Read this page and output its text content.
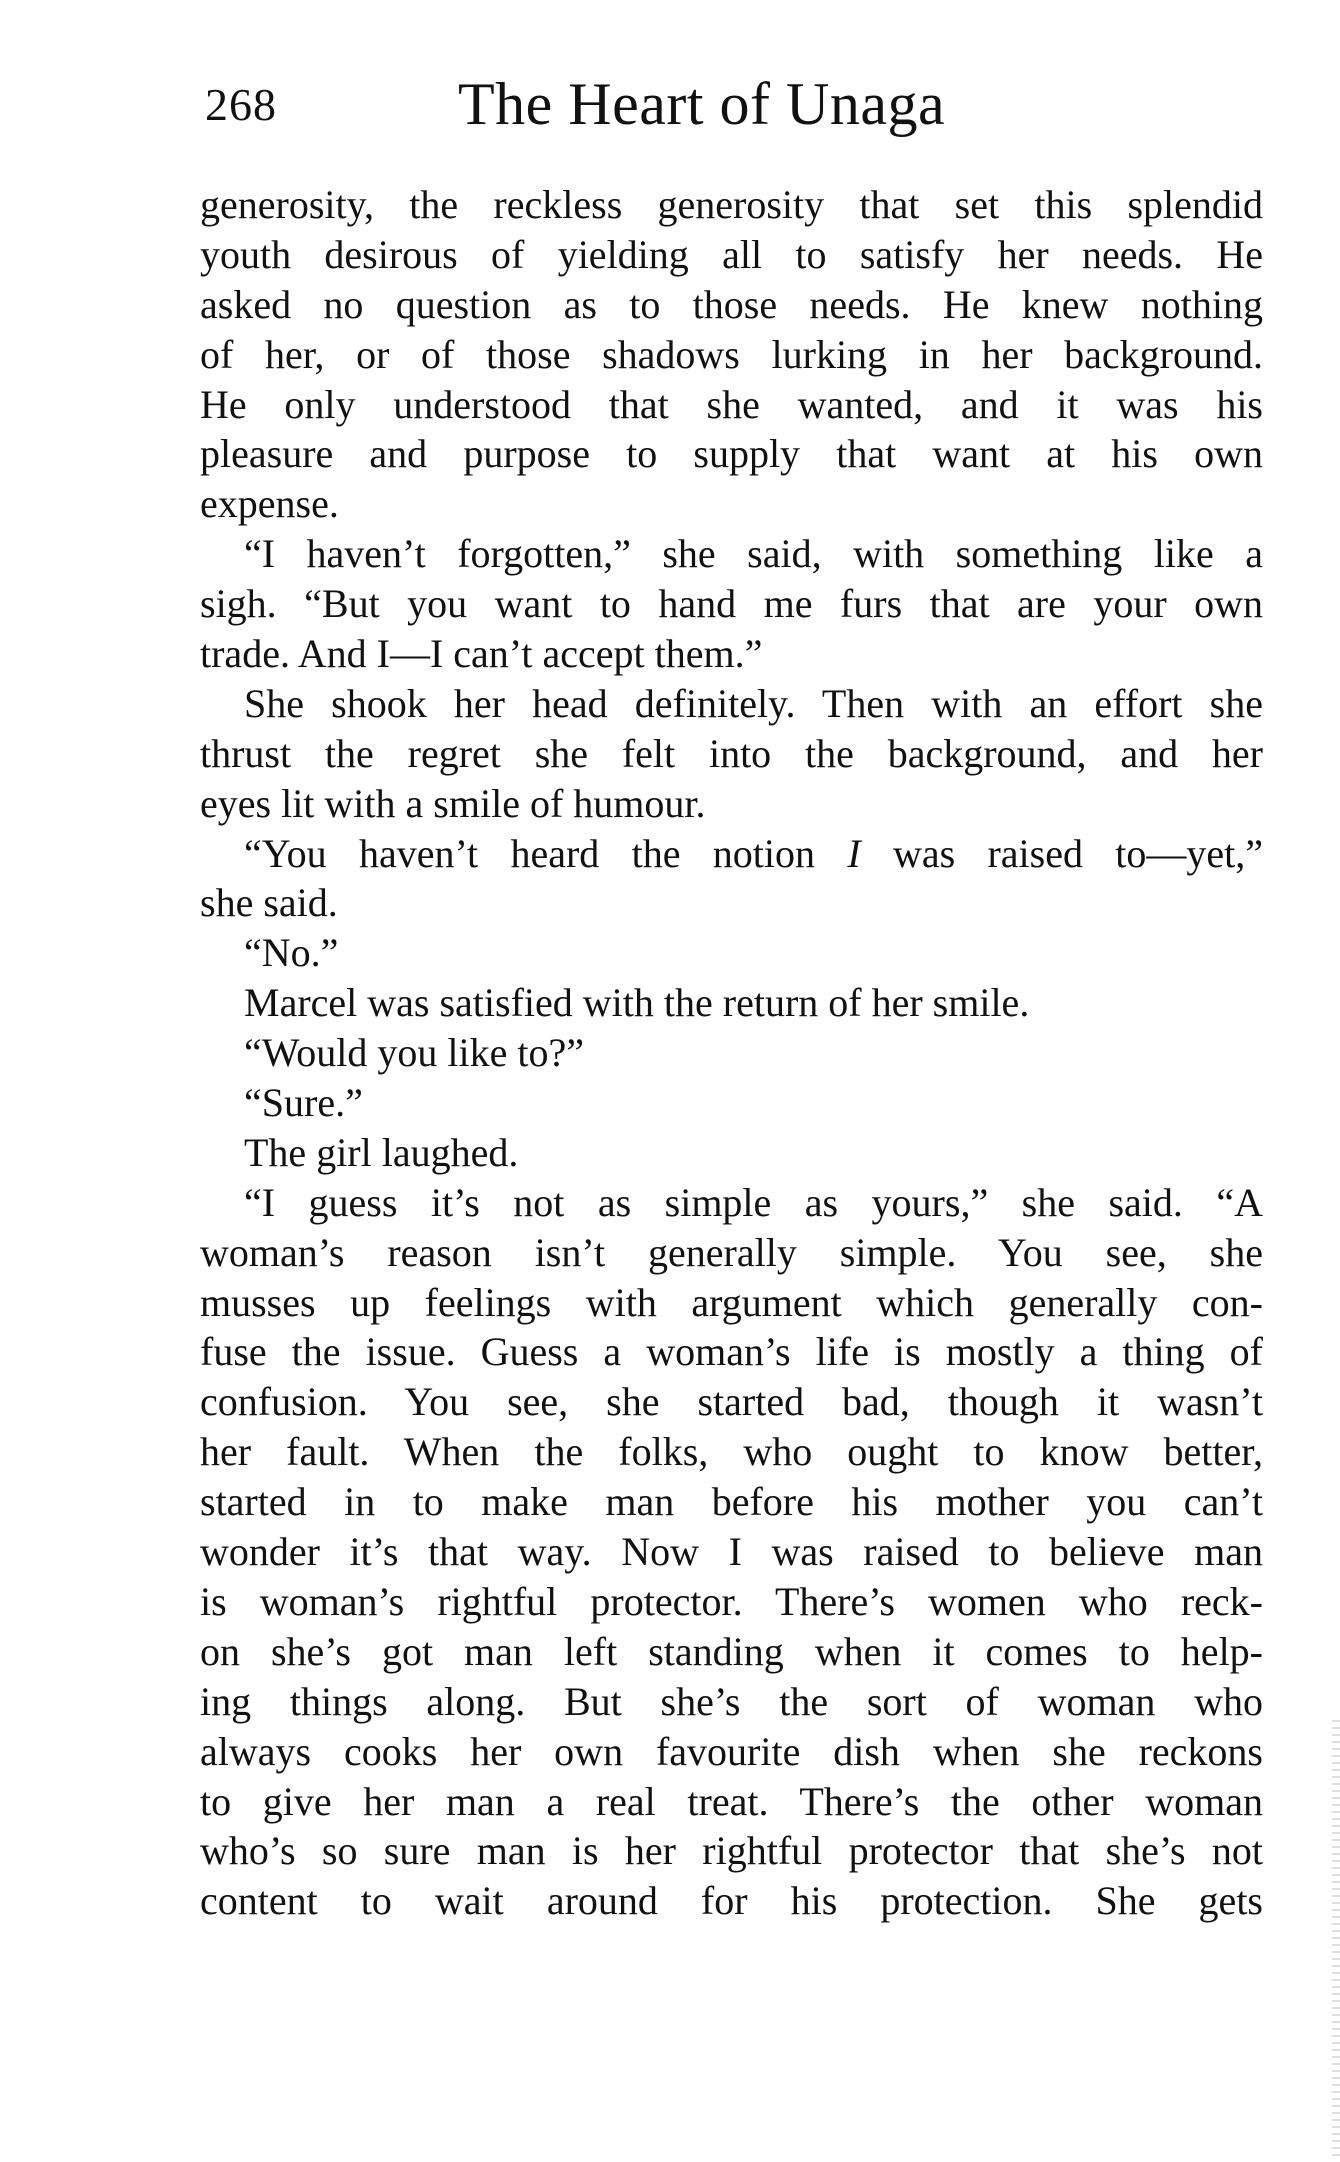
268	The Heart of Unaga
generosity, the reckless generosity that set this splendid
youth desirous of yielding all to satisfy her needs. He
asked no question as to those needs. He knew nothing
of her, or of those shadows lurking in her background.
He only understood that she wanted, and it was his
pleasure and purpose to supply that want at his own
expense.
“I haven’t forgotten,” she said, with something like a
sigh. “But you want to hand me furs that are your own
trade. And I—I can’t accept them.”
She shook her head definitely. Then with an effort she
thrust the regret she felt into the background, and her
eyes lit with a smile of humour.
“You haven’t heard the notion I was raised to—yet,”
she said.
“No.”
Marcel was satisfied with the return of her smile.
“Would you like to?”
“Sure.”
The girl laughed.
“I guess it’s not as simple as yours,” she said. “A
woman’s reason isn’t generally simple. You see, she
musses up feelings with argument which generally con-
fuse the issue. Guess a woman’s life is mostly a thing of
confusion. You see, she started bad, though it wasn’t
her fault. When the folks, who ought to know better,
started in to make man before his mother you can’t
wonder it’s that way. Now I was raised to believe man
is woman’s rightful protector. There’s women who reck-
on she’s got man left standing when it comes to help-
ing things along. But she’s the sort of woman who
always cooks her own favourite dish when she reckons
to give her man a real treat. There’s the other woman
who’s so sure man is her rightful protector that she’s not
content to wait around for his protection. She gets
